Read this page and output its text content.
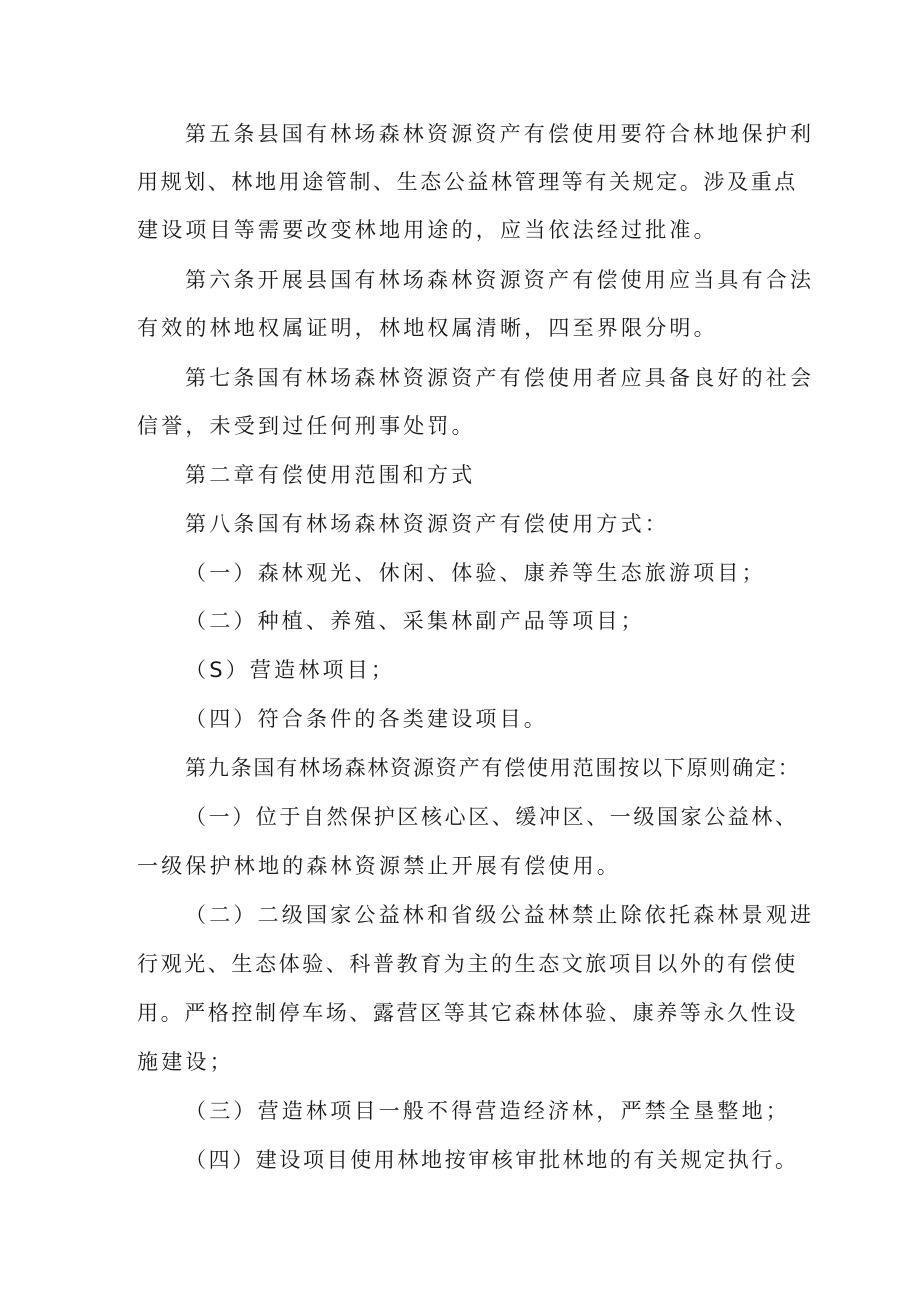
第五条县国有林场森林资源资产有偿使用要符合林地保护利
用规划、林地用途管制、生态公益林管理等有关规定。涉及重点
建设项目等需要改变林地用途的，应当依法经过批准。
第六条开展县国有林场森林资源资产有偿使用应当具有合法
有效的林地权属证明，林地权属清晰，四至界限分明。
第七条国有林场森林资源资产有偿使用者应具备良好的社会
信誉，未受到过任何刑事处罚。
第二章有偿使用范围和方式
第八条国有林场森林资源资产有偿使用方式：
（一）森林观光、休闲、体验、康养等生态旅游项目；
（二）种植、养殖、采集林副产品等项目；
（S）营造林项目；
（四）符合条件的各类建设项目。
第九条国有林场森林资源资产有偿使用范围按以下原则确定：
（一）位于自然保护区核心区、缓冲区、一级国家公益林、
一级保护林地的森林资源禁止开展有偿使用。
（二）二级国家公益林和省级公益林禁止除依托森林景观进
行观光、生态体验、科普教育为主的生态文旅项目以外的有偿使
用。严格控制停车场、露营区等其它森林体验、康养等永久性设
施建设；
（三）营造林项目一般不得营造经济林，严禁全垦整地；
（四）建设项目使用林地按审核审批林地的有关规定执行。
